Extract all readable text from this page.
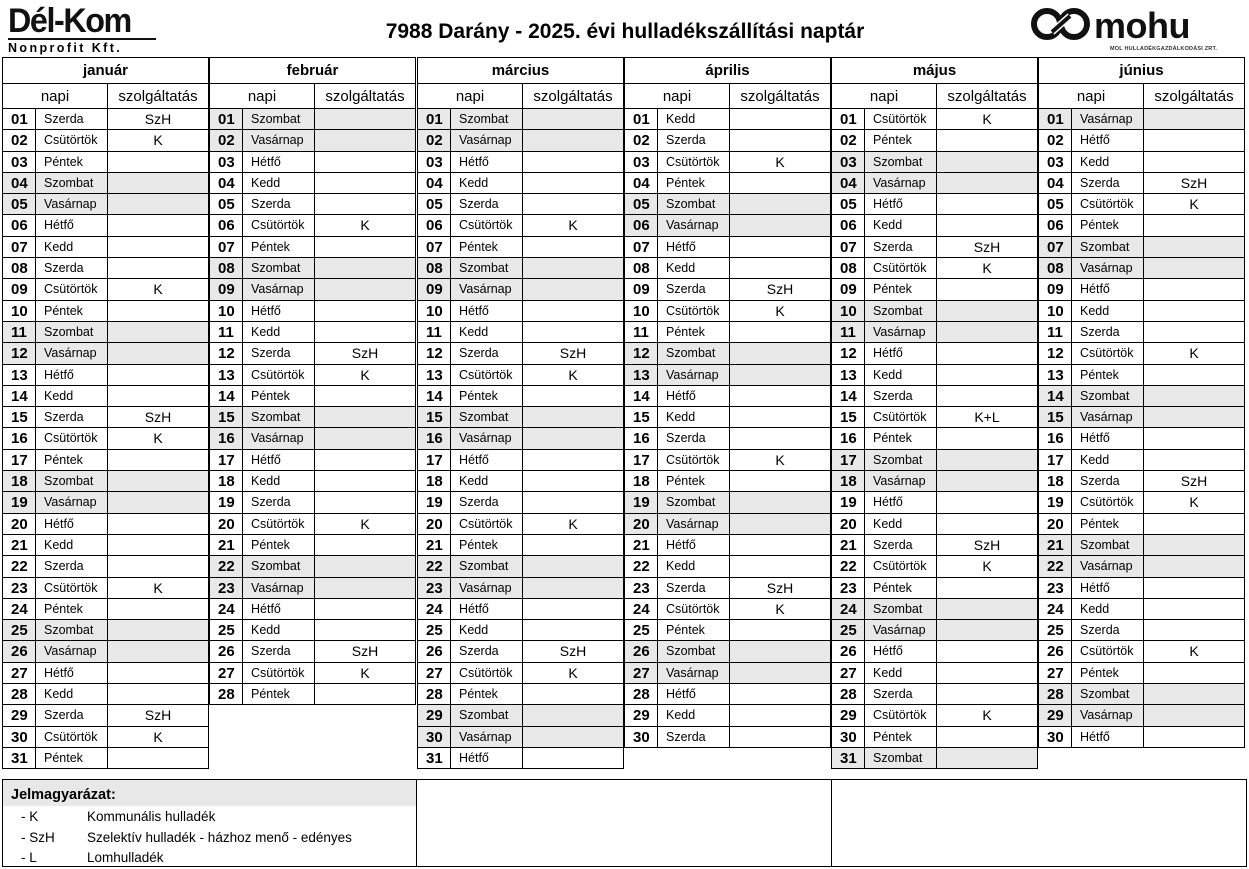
Dél-Kom
Nonprofit Kft.
7988 Darány - 2025. évi hulladékszállítási naptár	mohu
MOL HULLADÉKGAZDÁLKODÁSI ZRT.
január
napi	szolgáltatás
01	Szerda	SzH
02	Csütörtök	K
03	Péntek
04	Szombat
05	Vasárnap
06	Hétfő
07	Kedd
08	Szerda
09	Csütörtök	K
10	Péntek
11	Szombat
12	Vasárnap
13	Hétfő
14	Kedd
15	Szerda	SzH
16	Csütörtök	K
17	Péntek
18	Szombat
19	Vasárnap
20	Hétfő
21	Kedd
22	Szerda
23	Csütörtök	K
24	Péntek
25	Szombat
26	Vasárnap
27	Hétfő
28	Kedd
29	Szerda	SzH
30	Csütörtök	K
31	Péntek
február
napi	szolgáltatás
01	Szombat
02	Vasárnap
03	Hétfő
04	Kedd
05	Szerda
06	Csütörtök	K
07	Péntek
08	Szombat
09	Vasárnap
10	Hétfő
11	Kedd
12	Szerda	SzH
13	Csütörtök	K
14	Péntek
15	Szombat
16	Vasárnap
17	Hétfő
18	Kedd
19	Szerda
20	Csütörtök	K
21	Péntek
22	Szombat
23	Vasárnap
24	Hétfő
25	Kedd
26	Szerda	SzH
27	Csütörtök	K
28	Péntek
március
napi	szolgáltatás
01	Szombat
02	Vasárnap
03	Hétfő
04	Kedd
05	Szerda
06	Csütörtök	K
07	Péntek
08	Szombat
09	Vasárnap
10	Hétfő
11	Kedd
12	Szerda	SzH
13	Csütörtök	K
14	Péntek
15	Szombat
16	Vasárnap
17	Hétfő
18	Kedd
19	Szerda
20	Csütörtök	K
21	Péntek
22	Szombat
23	Vasárnap
24	Hétfő
25	Kedd
26	Szerda	SzH
27	Csütörtök	K
28	Péntek
29	Szombat
30	Vasárnap
31	Hétfő
április
napi	szolgáltatás
01	Kedd
02	Szerda
03	Csütörtök	K
04	Péntek
05	Szombat
06	Vasárnap
07	Hétfő
08	Kedd
09	Szerda	SzH
10	Csütörtök	K
11	Péntek
12	Szombat
13	Vasárnap
14	Hétfő
15	Kedd
16	Szerda
17	Csütörtök	K
18	Péntek
19	Szombat
20	Vasárnap
21	Hétfő
22	Kedd
23	Szerda	SzH
24	Csütörtök	K
25	Péntek
26	Szombat
27	Vasárnap
28	Hétfő
29	Kedd
30	Szerda
május
napi	szolgáltatás
01	Csütörtök	K
02	Péntek
03	Szombat
04	Vasárnap
05	Hétfő
06	Kedd
07	Szerda	SzH
08	Csütörtök	K
09	Péntek
10	Szombat
11	Vasárnap
12	Hétfő
13	Kedd
14	Szerda
15	Csütörtök	K+L
16	Péntek
17	Szombat
18	Vasárnap
19	Hétfő
20	Kedd
21	Szerda	SzH
22	Csütörtök	K
23	Péntek
24	Szombat
25	Vasárnap
26	Hétfő
27	Kedd
28	Szerda
29	Csütörtök	K
30	Péntek
31	Szombat
június
napi	szolgáltatás
01	Vasárnap
02	Hétfő
03	Kedd
04	Szerda	SzH
05	Csütörtök	K
06	Péntek
07	Szombat
08	Vasárnap
09	Hétfő
10	Kedd
11	Szerda
12	Csütörtök	K
13	Péntek
14	Szombat
15	Vasárnap
16	Hétfő
17	Kedd
18	Szerda	SzH
19	Csütörtök	K
20	Péntek
21	Szombat
22	Vasárnap
23	Hétfő
24	Kedd
25	Szerda
26	Csütörtök	K
27	Péntek
28	Szombat
29	Vasárnap
30	Hétfő
Jelmagyarázat:
- K	Kommunális hulladék
- SzH Szelektív hulladék - házhoz menő - edényes
- L	Lomhulladék
